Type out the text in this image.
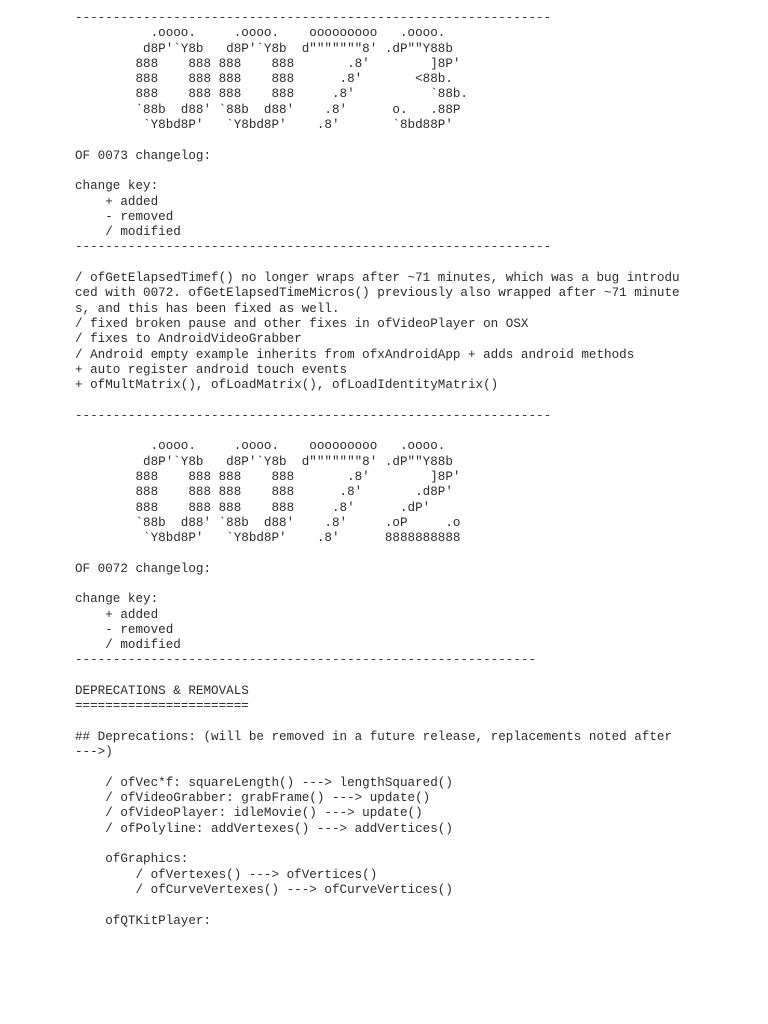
---------------------------------------------------------------
.oooo.     .oooo.    ooooooooo   .oooo.
d8P'`Y8b   d8P'`Y8b  d"""""""8' .dP""Y88b
888    888 888    888       .8'        ]8P'
888    888 888    888      .8'       <88b.
888    888 888    888     .8'          `88b.
`88b  d88' `88b  d88'    .8'      o.   .88P
`Y8bd8P'   `Y8bd8P'    .8'       `8bd88P'
OF 0073 changelog:
change key:
+ added
- removed
/ modified
---------------------------------------------------------------
/ ofGetElapsedTimef() no longer wraps after ~71 minutes, which was a bug introdu
ced with 0072. ofGetElapsedTimeMicros() previously also wrapped after ~71 minute
s, and this has been fixed as well.
/ fixed broken pause and other fixes in ofVideoPlayer on OSX
/ fixes to AndroidVideoGrabber
/ Android empty example inherits from ofxAndroidApp + adds android methods
+ auto register android touch events
+ ofMultMatrix(), ofLoadMatrix(), ofLoadIdentityMatrix()
---------------------------------------------------------------
.oooo.     .oooo.    ooooooooo   .oooo.
d8P'`Y8b   d8P'`Y8b  d"""""""8' .dP""Y88b
888    888 888    888       .8'        ]8P'
888    888 888    888      .8'       .d8P'
888    888 888    888     .8'      .dP'
`88b  d88' `88b  d88'    .8'     .oP     .o
`Y8bd8P'   `Y8bd8P'    .8'      8888888888
OF 0072 changelog:
change key:
+ added
- removed
/ modified
-------------------------------------------------------------
DEPRECATIONS & REMOVALS
=======================
## Deprecations: (will be removed in a future release, replacements noted after
--->)
/ ofVec*f: squareLength() ---> lengthSquared()
/ ofVideoGrabber: grabFrame() ---> update()
/ ofVideoPlayer: idleMovie() ---> update()
/ ofPolyline: addVertexes() ---> addVertices()
ofGraphics:
/ ofVertexes() ---> ofVertices()
/ ofCurveVertexes() ---> ofCurveVertices()
ofQTKitPlayer:
